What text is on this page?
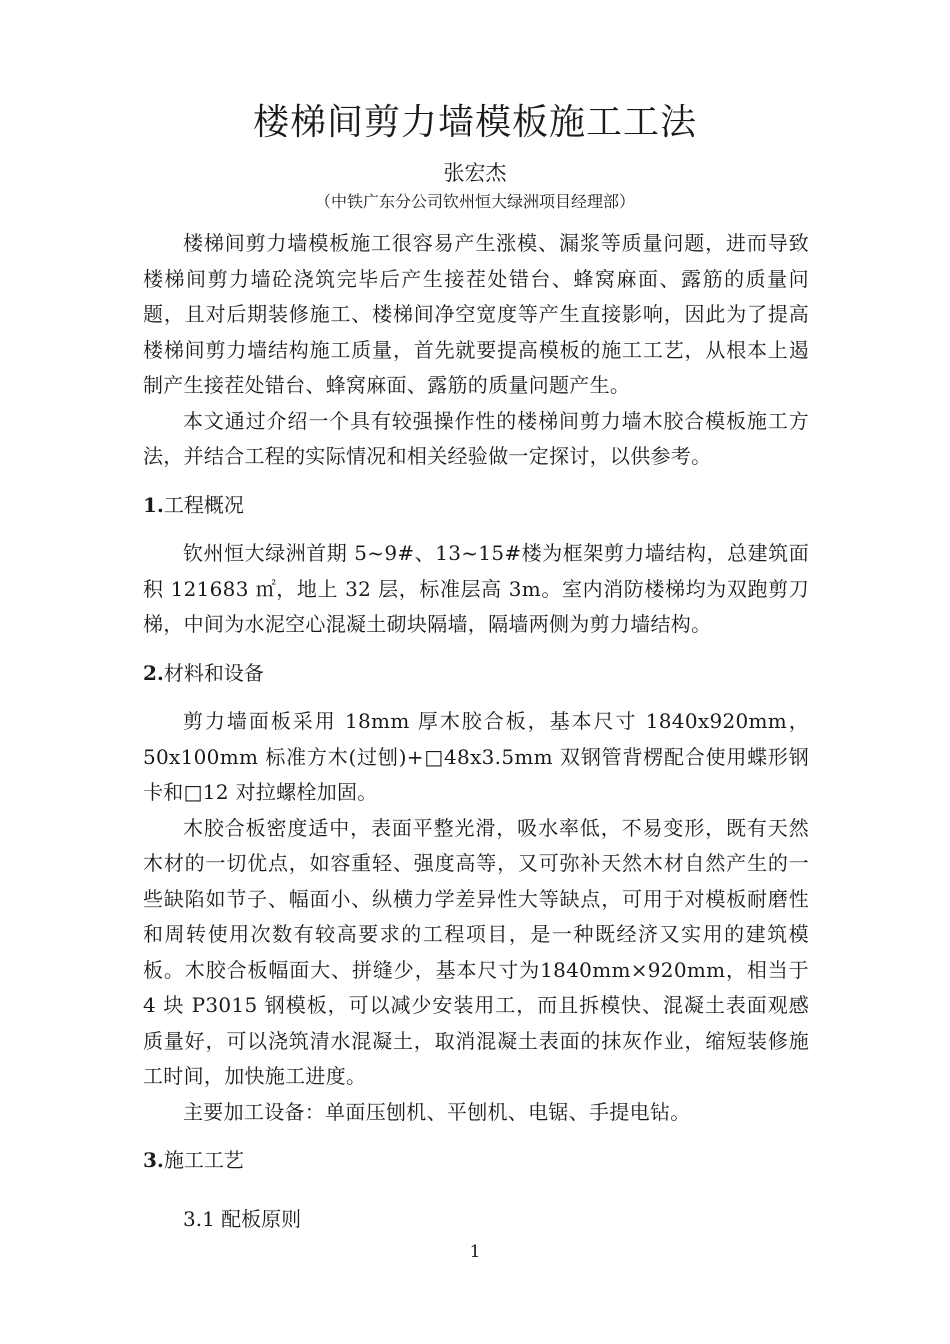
楼梯间剪力墙模板施工工法

张宏杰

（中铁广东分公司钦州恒大绿洲项目经理部）

楼梯间剪力墙模板施工很容易产生涨模、漏浆等质量问题，进而导致楼梯间剪力墙砼浇筑完毕后产生接茬处错台、蜂窝麻面、露筋的质量问题，且对后期装修施工、楼梯间净空宽度等产生直接影响，因此为了提高楼梯间剪力墙结构施工质量，首先就要提高模板的施工工艺，从根本上遏制产生接茬处错台、蜂窝麻面、露筋的质量问题产生。

本文通过介绍一个具有较强操作性的楼梯间剪力墙木胶合模板施工方法，并结合工程的实际情况和相关经验做一定探讨，以供参考。

1.工程概况

钦州恒大绿洲首期 5~9#、13~15#楼为框架剪力墙结构，总建筑面积 121683 ㎡，地上 32 层，标准层高 3m。室内消防楼梯均为双跑剪刀梯，中间为水泥空心混凝土砌块隔墙，隔墙两侧为剪力墙结构。

2.材料和设备

剪力墙面板采用 18mm 厚木胶合板，基本尺寸 1840x920mm，50x100mm 标准方木(过刨)+□48x3.5mm 双钢管背楞配合使用蝶形钢卡和□12 对拉螺栓加固。

木胶合板密度适中，表面平整光滑，吸水率低，不易变形，既有天然木材的一切优点，如容重轻、强度高等，又可弥补天然木材自然产生的一些缺陷如节子、幅面小、纵横力学差异性大等缺点，可用于对模板耐磨性和周转使用次数有较高要求的工程项目，是一种既经济又实用的建筑模板。木胶合板幅面大、拼缝少，基本尺寸为1840mm×920mm，相当于 4 块 P3015 钢模板，可以减少安装用工，而且拆模快、混凝土表面观感质量好，可以浇筑清水混凝土，取消混凝土表面的抹灰作业，缩短装修施工时间，加快施工进度。

主要加工设备：单面压刨机、平刨机、电锯、手提电钻。

3.施工工艺

3.1 配板原则

1
